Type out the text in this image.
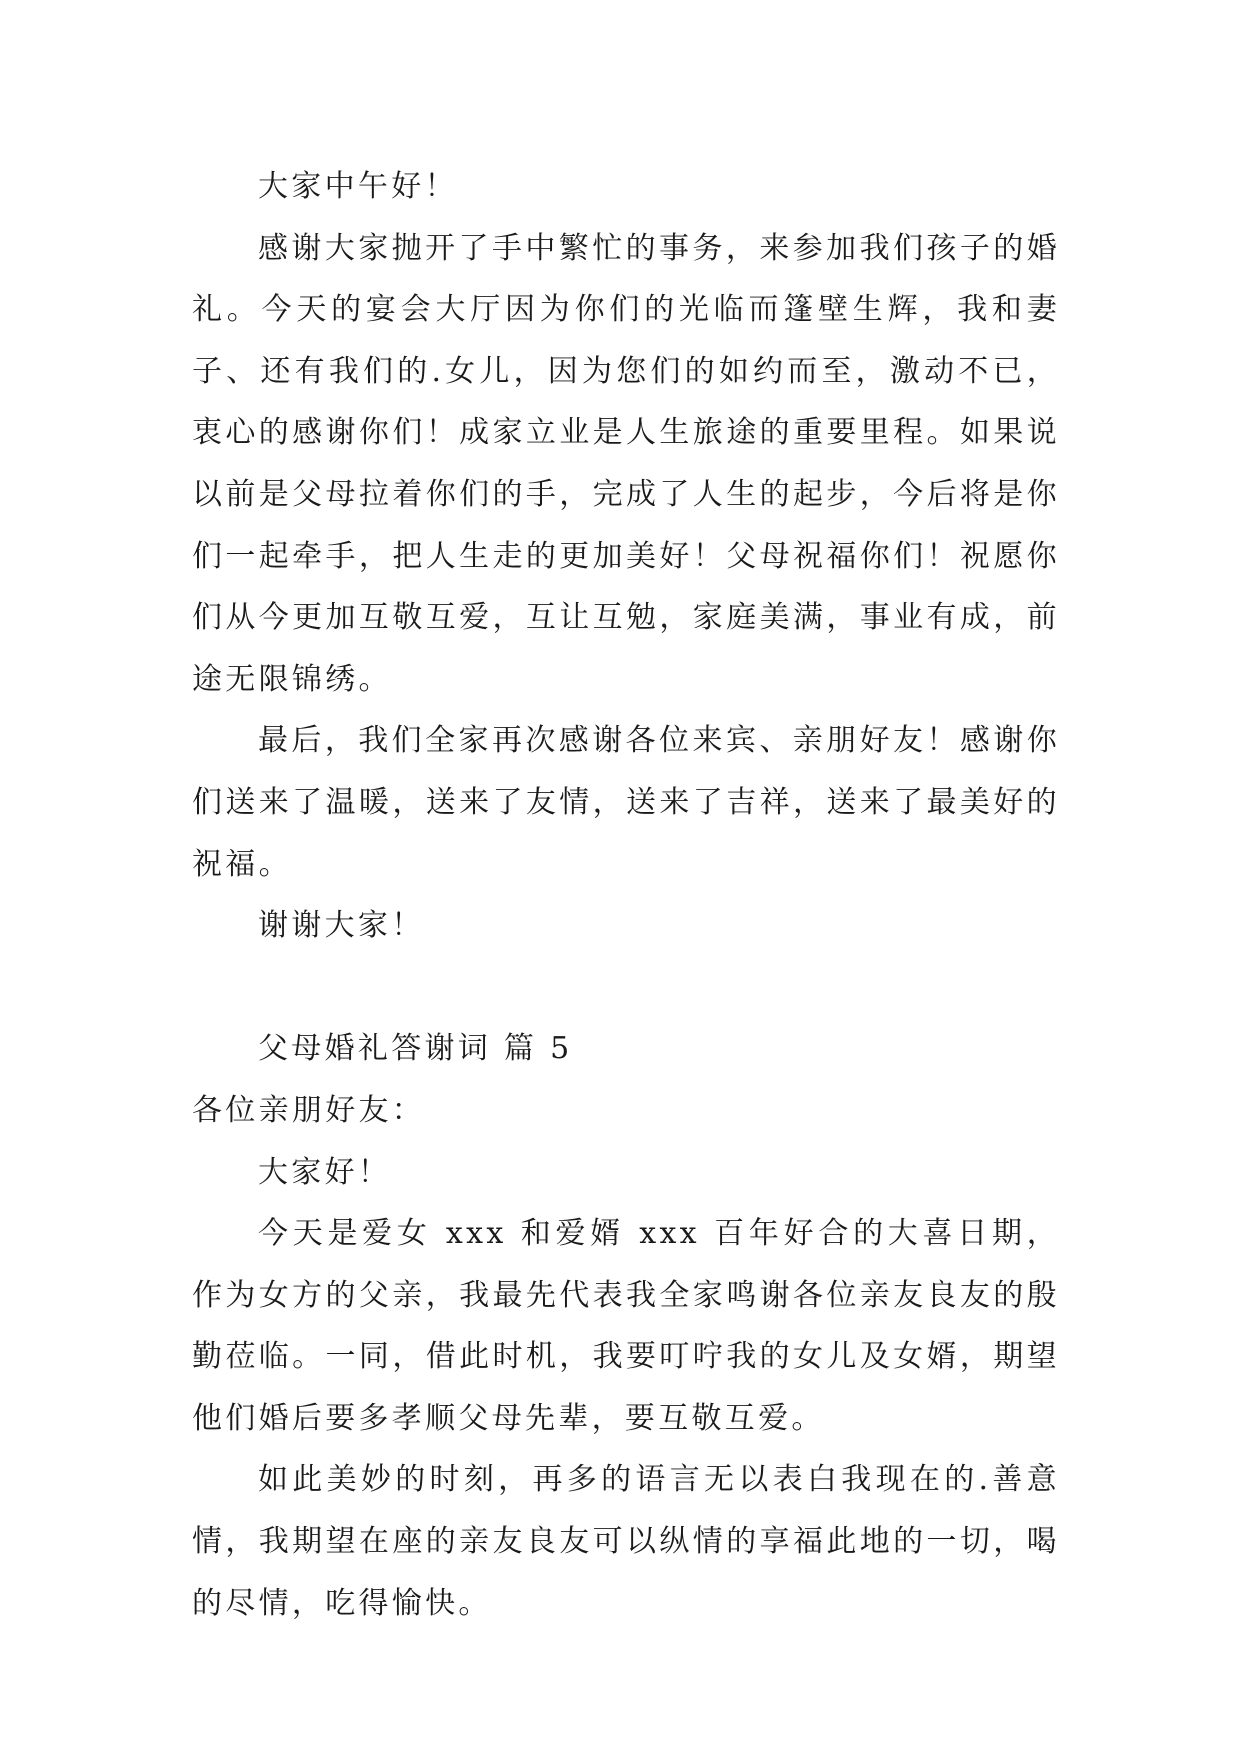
大家中午好！

感谢大家抛开了手中繁忙的事务，来参加我们孩子的婚礼。今天的宴会大厅因为你们的光临而篷壁生辉，我和妻子、还有我们的.女儿，因为您们的如约而至，激动不已，衷心的感谢你们！成家立业是人生旅途的重要里程。如果说以前是父母拉着你们的手，完成了人生的起步，今后将是你们一起牵手，把人生走的更加美好！父母祝福你们！祝愿你们从今更加互敬互爱，互让互勉，家庭美满，事业有成，前途无限锦绣。

最后，我们全家再次感谢各位来宾、亲朋好友！感谢你们送来了温暖，送来了友情，送来了吉祥，送来了最美好的祝福。

谢谢大家！

父母婚礼答谢词 篇 5

各位亲朋好友：

大家好！

今天是爱女 xxx 和爱婿 xxx 百年好合的大喜日期，作为女方的父亲，我最先代表我全家鸣谢各位亲友良友的殷勤莅临。一同，借此时机，我要叮咛我的女儿及女婿，期望他们婚后要多孝顺父母先辈，要互敬互爱。

如此美妙的时刻，再多的语言无以表白我现在的.善意情，我期望在座的亲友良友可以纵情的享福此地的一切，喝的尽情，吃得愉快。
